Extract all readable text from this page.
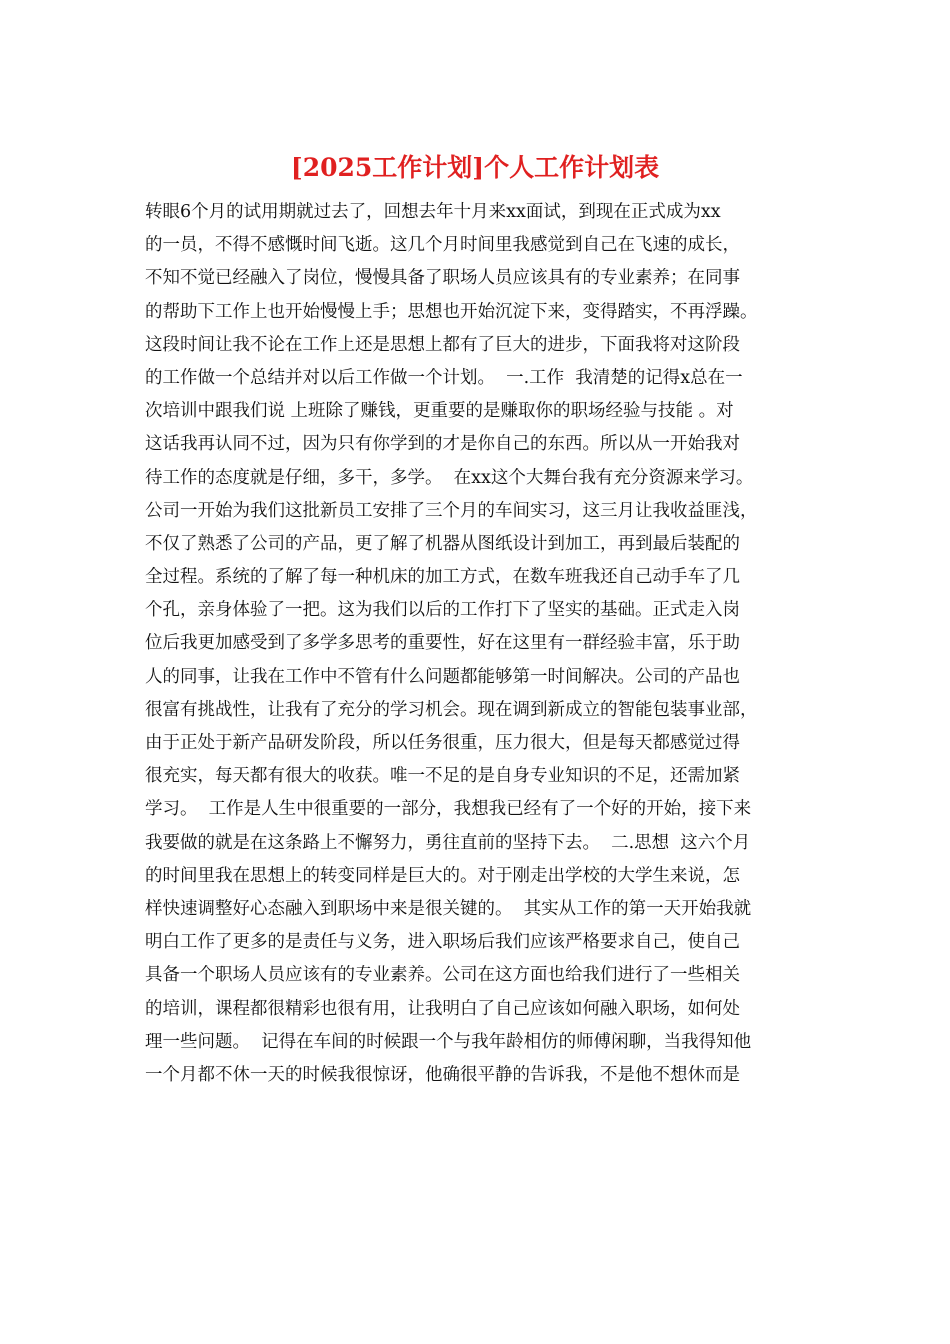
[2025工作计划]个人工作计划表
转眼6个月的试用期就过去了，回想去年十月来xx面试，到现在正式成为xx
的一员，不得不感慨时间飞逝。这几个月时间里我感觉到自己在飞速的成长，
不知不觉已经融入了岗位，慢慢具备了职场人员应该具有的专业素养；在同事
的帮助下工作上也开始慢慢上手；思想也开始沉淀下来，变得踏实，不再浮躁。
这段时间让我不论在工作上还是思想上都有了巨大的进步，下面我将对这阶段
的工作做一个总结并对以后工作做一个计划。  一.工作  我清楚的记得x总在一
次培训中跟我们说 上班除了赚钱，更重要的是赚取你的职场经验与技能 。对
这话我再认同不过，因为只有你学到的才是你自己的东西。所以从一开始我对
待工作的态度就是仔细，多干，多学。  在xx这个大舞台我有充分资源来学习。
公司一开始为我们这批新员工安排了三个月的车间实习，这三月让我收益匪浅，
不仅了熟悉了公司的产品，更了解了机器从图纸设计到加工，再到最后装配的
全过程。系统的了解了每一种机床的加工方式，在数车班我还自己动手车了几
个孔，亲身体验了一把。这为我们以后的工作打下了坚实的基础。正式走入岗
位后我更加感受到了多学多思考的重要性，好在这里有一群经验丰富，乐于助
人的同事，让我在工作中不管有什么问题都能够第一时间解决。公司的产品也
很富有挑战性，让我有了充分的学习机会。现在调到新成立的智能包装事业部，
由于正处于新产品研发阶段，所以任务很重，压力很大，但是每天都感觉过得
很充实，每天都有很大的收获。唯一不足的是自身专业知识的不足，还需加紧
学习。  工作是人生中很重要的一部分，我想我已经有了一个好的开始，接下来
我要做的就是在这条路上不懈努力，勇往直前的坚持下去。  二.思想  这六个月
的时间里我在思想上的转变同样是巨大的。对于刚走出学校的大学生来说，怎
样快速调整好心态融入到职场中来是很关键的。  其实从工作的第一天开始我就
明白工作了更多的是责任与义务，进入职场后我们应该严格要求自己，使自己
具备一个职场人员应该有的专业素养。公司在这方面也给我们进行了一些相关
的培训，课程都很精彩也很有用，让我明白了自己应该如何融入职场，如何处
理一些问题。  记得在车间的时候跟一个与我年龄相仿的师傅闲聊，当我得知他
一个月都不休一天的时候我很惊讶，他确很平静的告诉我，不是他不想休而是
